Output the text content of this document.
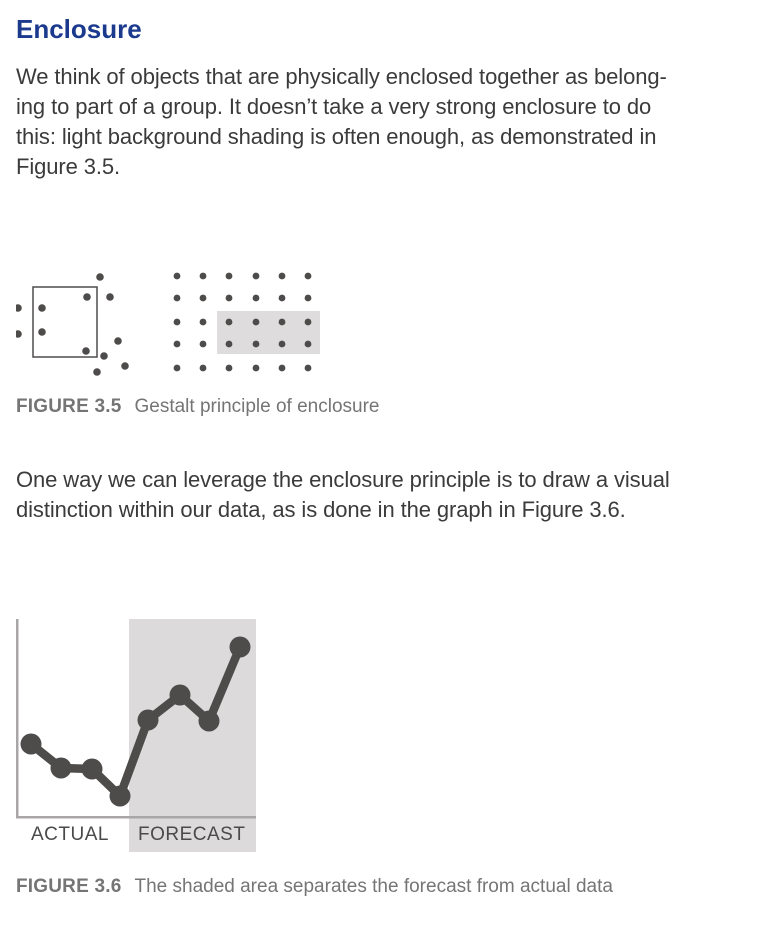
Enclosure
We think of objects that are physically enclosed together as belong-
ing to part of a group. It doesn’t take a very strong enclosure to do
this: light background shading is often enough, as demonstrated in
Figure 3.5.
FIGURE 3.5 Gestalt principle of enclosure
One way we can leverage the enclosure principle is to draw a visual
distinction within our data, as is done in the graph in Figure 3.6.
ACTUAL FORECAST
FIGURE 3.6 The shaded area separates the forecast from actual data
